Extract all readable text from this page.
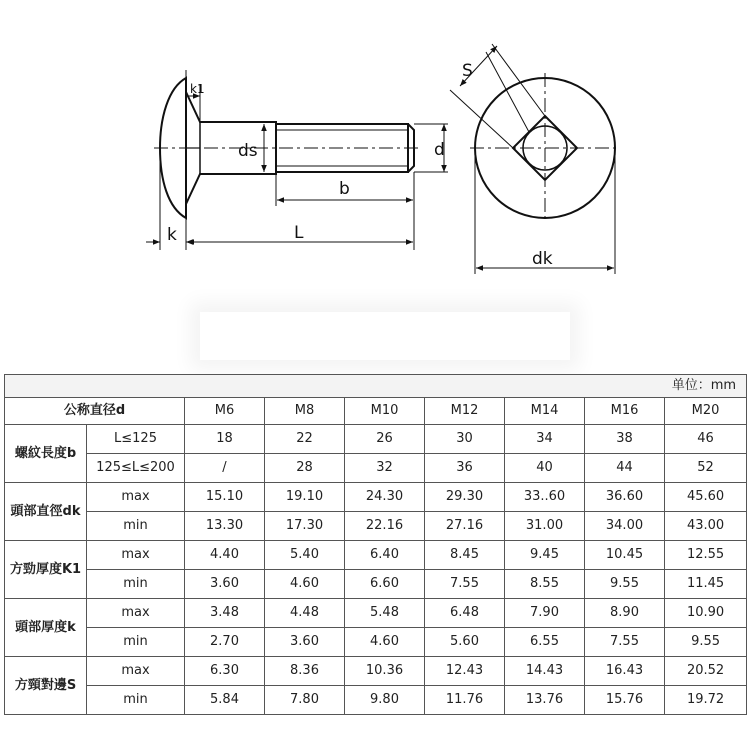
k1
ds	d
b
k	L
S
dk
单位：mm								
公称直径d		M6	M8	M10	M12	M14	M16	M20
螺紋長度b	L≤125	18	22	26	30	34	38	46
	125≤L≤200	/	28	32	36	40	44	52
頭部直徑dk	max	15.10	19.10	24.30	29.30	33..60	36.60	45.60
	min	13.30	17.30	22.16	27.16	31.00	34.00	43.00
方勁厚度K1	max	4.40	5.40	6.40	8.45	9.45	10.45	12.55
	min	3.60	4.60	6.60	7.55	8.55	9.55	11.45
頭部厚度k	max	3.48	4.48	5.48	6.48	7.90	8.90	10.90
	min	2.70	3.60	4.60	5.60	6.55	7.55	9.55
方頸對邊S	max	6.30	8.36	10.36	12.43	14.43	16.43	20.52
	min	5.84	7.80	9.80	11.76	13.76	15.76	19.72
